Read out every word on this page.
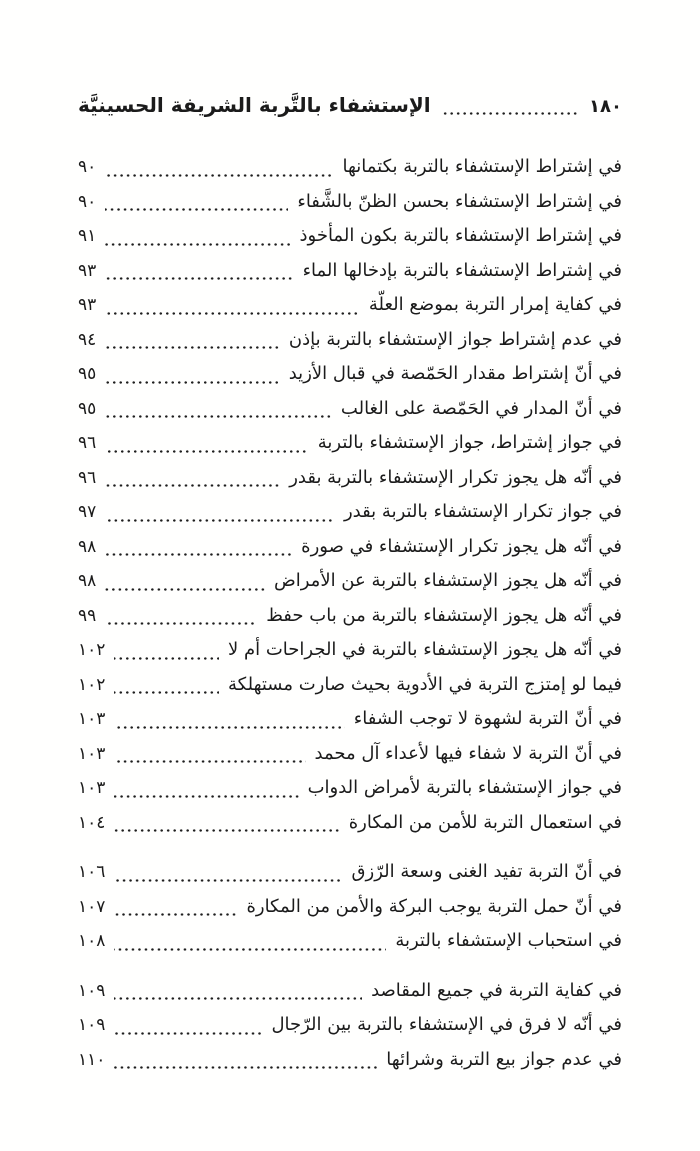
١٨٠
الإستشفاء بالتَّربة الشريفة الحسينيَّة
في إشتراط الإستشفاء بالتربة بكتمانها
٩٠
في إشتراط الإستشفاء بحسن الظنّ بالشَّفاء
٩٠
في إشتراط الإستشفاء بالتربة بكون المأخوذ
٩١
في إشتراط الإستشفاء بالتربة بإدخالها الماء
٩٣
في كفاية إمرار التربة بموضع العلّة
٩٣
في عدم إشتراط جواز الإستشفاء بالتربة بإذن
٩٤
في أنّ إشتراط مقدار الحَمّصة في قبال الأزيد
٩٥
في أنّ المدار في الحَمّصة على الغالب
٩٥
في جواز إشتراط، جواز الإستشفاء بالتربة
٩٦
في أنّه هل يجوز تكرار الإستشفاء بالتربة بقدر
٩٦
في جواز تكرار الإستشفاء بالتربة بقدر
٩٧
في أنّه هل يجوز تكرار الإستشفاء في صورة
٩٨
في أنّه هل يجوز الإستشفاء بالتربة عن الأمراض
٩٨
في أنّه هل يجوز الإستشفاء بالتربة من باب حفظ
٩٩
في أنّه هل يجوز الإستشفاء بالتربة في الجراحات أم لا
١٠٢
فيما لو إمتزج التربة في الأدوية بحيث صارت مستهلكة
١٠٢
في أنّ التربة لشهوة لا توجب الشفاء
١٠٣
في أنّ التربة لا شفاء فيها لأعداء آل محمد
١٠٣
في جواز الإستشفاء بالتربة لأمراض الدواب
١٠٣
في استعمال التربة للأمن من المكارة
١٠٤
في أنّ التربة تفيد الغنى وسعة الرّزق
١٠٦
في أنّ حمل التربة يوجب البركة والأمن من المكارة
١٠٧
في استحباب الإستشفاء بالتربة
١٠٨
في كفاية التربة في جميع المقاصد
١٠٩
في أنّه لا فرق في الإستشفاء بالتربة بين الرّجال
١٠٩
في عدم جواز بيع التربة وشرائها
١١٠
